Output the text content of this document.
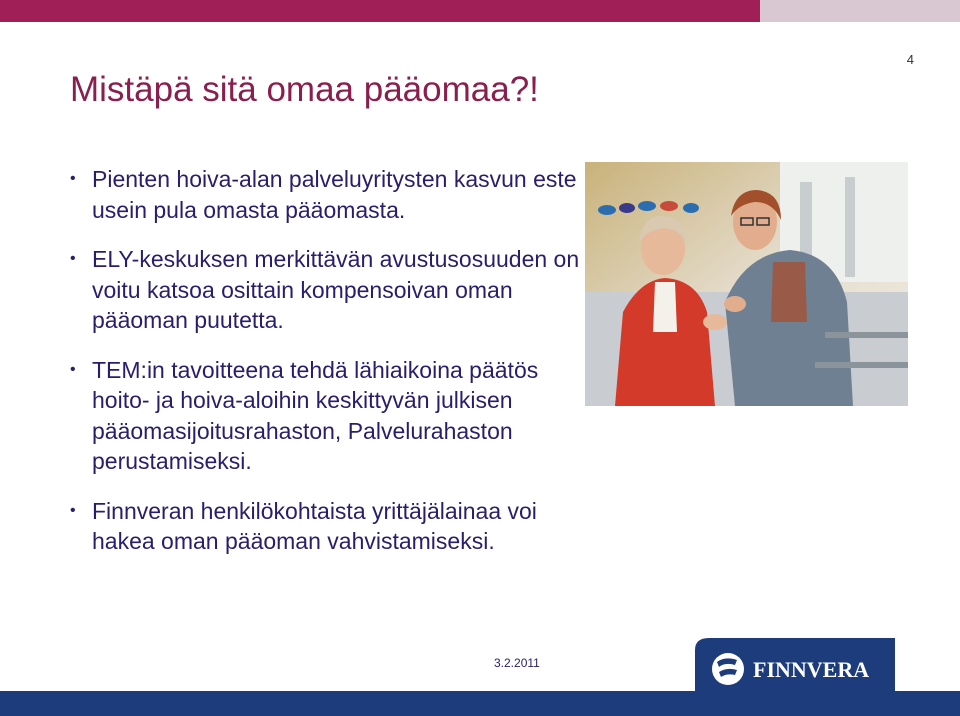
4
Mistäpä sitä omaa pääomaa?!
• Pienten hoiva-alan palveluyritysten kasvun este usein pula omasta pääomasta.
• ELY-keskuksen merkittävän avustusosuuden on voitu katsoa osittain kompensoivan oman pääoman puutetta.
• TEM:in tavoitteena tehdä lähiaikoina päätös hoito- ja hoiva-aloihin keskittyvän julkisen pääomasijoitusrahaston, Palvelurahaston perustamiseksi.
• Finnveran henkilökohtaista yrittäjälainaa voi hakea oman pääoman vahvistamiseksi.
3.2.2011	FINNVERA
